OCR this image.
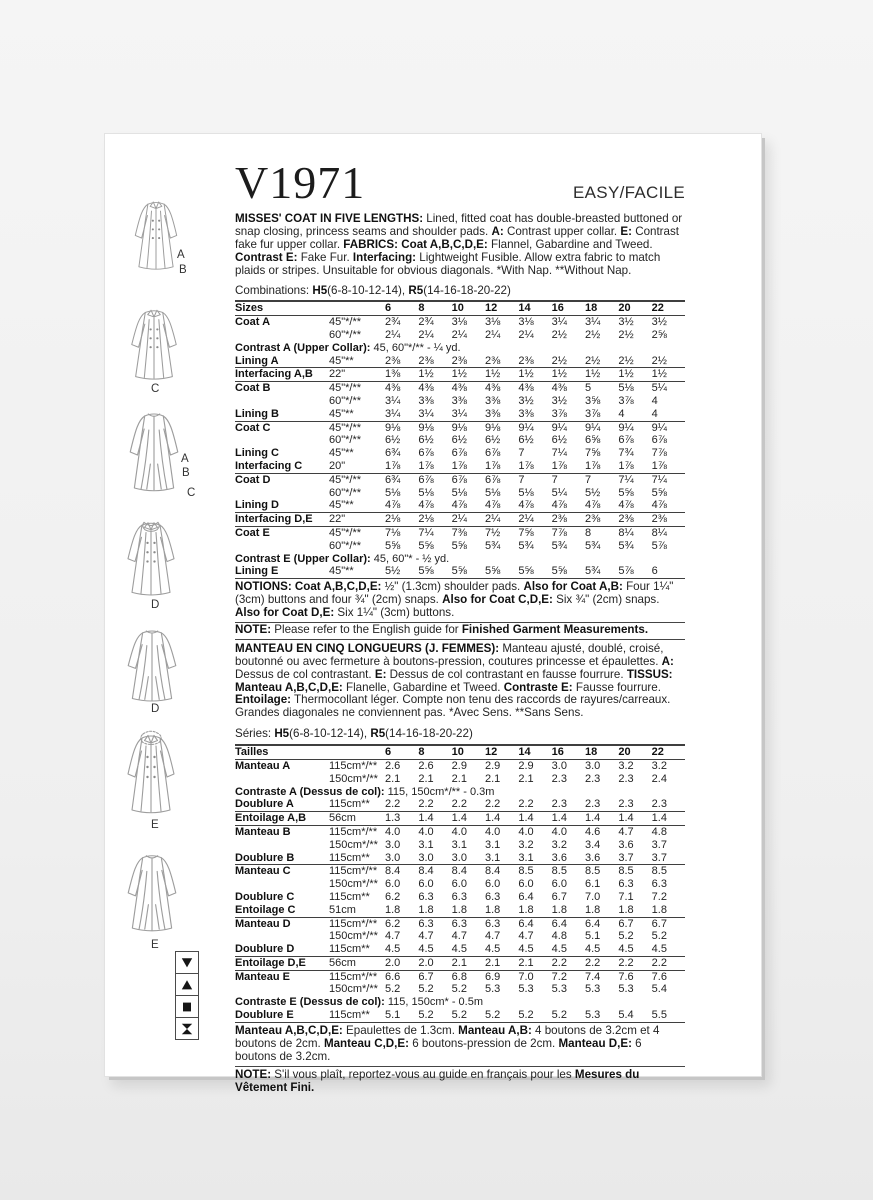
A
B
C
A
B
C
D
D
E
E
V1971	EASY/FACILE

MISSES' COAT IN FIVE LENGTHS: Lined, fitted coat has double-breasted buttoned or snap closing, princess seams and shoulder pads. A: Contrast upper collar. E: Contrast fake fur upper collar. FABRICS: Coat A,B,C,D,E: Flannel, Gabardine and Tweed. Contrast E: Fake Fur. Interfacing: Lightweight Fusible. Allow extra fabric to match plaids or stripes. Unsuitable for obvious diagonals. *With Nap. **Without Nap.

Combinations: H5(6-8-10-12-14), R5(14-16-18-20-22)

Sizes	6	8	10	12	14	16	18	20	22
Coat A	45"*/**	2¾	2¾	3⅛	3⅛	3⅛	3¼	3¼	3½	3½
60"*/**	2¼	2¼	2¼	2¼	2¼	2½	2½	2½	2⅝
Contrast A (Upper Collar): 45, 60"*/** - ¼ yd.
Lining A	45"**	2⅜	2⅜	2⅜	2⅜	2⅜	2½	2½	2½	2½
Interfacing A,B	22"	1⅜	1½	1½	1½	1½	1½	1½	1½	1½
Coat B	45"*/**	4⅜	4⅜	4⅜	4⅜	4⅜	4⅜	5	5⅛	5¼
60"*/**	3¼	3⅜	3⅜	3⅜	3½	3½	3⅝	3⅞	4
Lining B	45"**	3¼	3¼	3¼	3⅜	3⅜	3⅞	3⅞	4	4
Coat C	45"*/**	9⅛	9⅛	9⅛	9⅛	9¼	9¼	9¼	9¼	9¼
60"*/**	6½	6½	6½	6½	6½	6½	6⅝	6⅞	6⅞
Lining C	45"**	6¾	6⅞	6⅞	6⅞	7	7¼	7⅝	7¾	7⅞
Interfacing C	20"	1⅞	1⅞	1⅞	1⅞	1⅞	1⅞	1⅞	1⅞	1⅞
Coat D	45"*/**	6¾	6⅞	6⅞	6⅞	7	7	7	7¼	7¼
60"*/**	5⅛	5⅛	5⅛	5⅛	5⅛	5¼	5½	5⅝	5⅝
Lining D	45"**	4⅞	4⅞	4⅞	4⅞	4⅞	4⅞	4⅞	4⅞	4⅞
Interfacing D,E	22"	2⅛	2⅛	2¼	2¼	2¼	2⅜	2⅜	2⅜	2⅜
Coat E	45"*/**	7⅛	7¼	7⅜	7½	7⅝	7⅞	8	8¼	8¼
60"*/**	5⅝	5⅝	5⅝	5¾	5¾	5¾	5¾	5¾	5⅞
Contrast E (Upper Collar): 45, 60"* - ½ yd.
Lining E	45"**	5½	5⅝	5⅝	5⅝	5⅝	5⅝	5¾	5⅞	6

NOTIONS: Coat A,B,C,D,E: ½" (1.3cm) shoulder pads. Also for Coat A,B: Four 1¼" (3cm) buttons and four ¾" (2cm) snaps. Also for Coat C,D,E: Six ¾" (2cm) snaps. Also for Coat D,E: Six 1¼" (3cm) buttons.

NOTE: Please refer to the English guide for Finished Garment Measurements.

MANTEAU EN CINQ LONGUEURS (J. FEMMES): Manteau ajusté, doublé, croisé, boutonné ou avec fermeture à boutons-pression, coutures princesse et épaulettes. A: Dessus de col contrastant. E: Dessus de col contrastant en fausse fourrure. TISSUS: Manteau A,B,C,D,E: Flanelle, Gabardine et Tweed. Contraste E: Fausse fourrure. Entoilage: Thermocollant léger. Compte non tenu des raccords de rayures/carreaux. Grandes diagonales ne conviennent pas. *Avec Sens. **Sans Sens.

Séries: H5(6-8-10-12-14), R5(14-16-18-20-22)

Tailles	6	8	10	12	14	16	18	20	22
Manteau A	115cm*/** 2.6	2.6	2.9	2.9	2.9	3.0	3.0	3.2	3.2
150cm*/** 2.1	2.1	2.1	2.1	2.1	2.3	2.3	2.3	2.4
Contraste A (Dessus de col): 115, 150cm*/** - 0.3m
Doublure A	115cm**	2.2	2.2	2.2	2.2	2.2	2.3	2.3	2.3	2.3
Entoilage A,B	56cm	1.3	1.4	1.4	1.4	1.4	1.4	1.4	1.4	1.4
Manteau B	115cm*/** 4.0	4.0	4.0	4.0	4.0	4.0	4.6	4.7	4.8
150cm*/** 3.0	3.1	3.1	3.1	3.2	3.2	3.4	3.6	3.7
Doublure B	115cm**	3.0	3.0	3.0	3.1	3.1	3.6	3.6	3.7	3.7
Manteau C	115cm*/** 8.4	8.4	8.4	8.4	8.5	8.5	8.5	8.5	8.5
150cm*/** 6.0	6.0	6.0	6.0	6.0	6.0	6.1	6.3	6.3
Doublure C	115cm**	6.2	6.3	6.3	6.3	6.4	6.7	7.0	7.1	7.2
Entoilage C	51cm	1.8	1.8	1.8	1.8	1.8	1.8	1.8	1.8	1.8
Manteau D	115cm*/** 6.2	6.3	6.3	6.3	6.4	6.4	6.4	6.7	6.7
150cm*/** 4.7	4.7	4.7	4.7	4.7	4.8	5.1	5.2	5.2
Doublure D	115cm**	4.5	4.5	4.5	4.5	4.5	4.5	4.5	4.5	4.5
Entoilage D,E	56cm	2.0	2.0	2.1	2.1	2.1	2.2	2.2	2.2	2.2
Manteau E	115cm*/** 6.6	6.7	6.8	6.9	7.0	7.2	7.4	7.6	7.6
150cm*/** 5.2	5.2	5.2	5.3	5.3	5.3	5.3	5.3	5.4
Contraste E (Dessus de col): 115, 150cm* - 0.5m
Doublure E	115cm**	5.1	5.2	5.2	5.2	5.2	5.2	5.3	5.4	5.5

Manteau A,B,C,D,E: Epaulettes de 1.3cm. Manteau A,B: 4 boutons de 3.2cm et 4 boutons de 2cm. Manteau C,D,E: 6 boutons-pression de 2cm. Manteau D,E: 6 boutons de 3.2cm.

NOTE: S'il vous plaît, reportez-vous au guide en français pour les Mesures du Vêtement Fini.
